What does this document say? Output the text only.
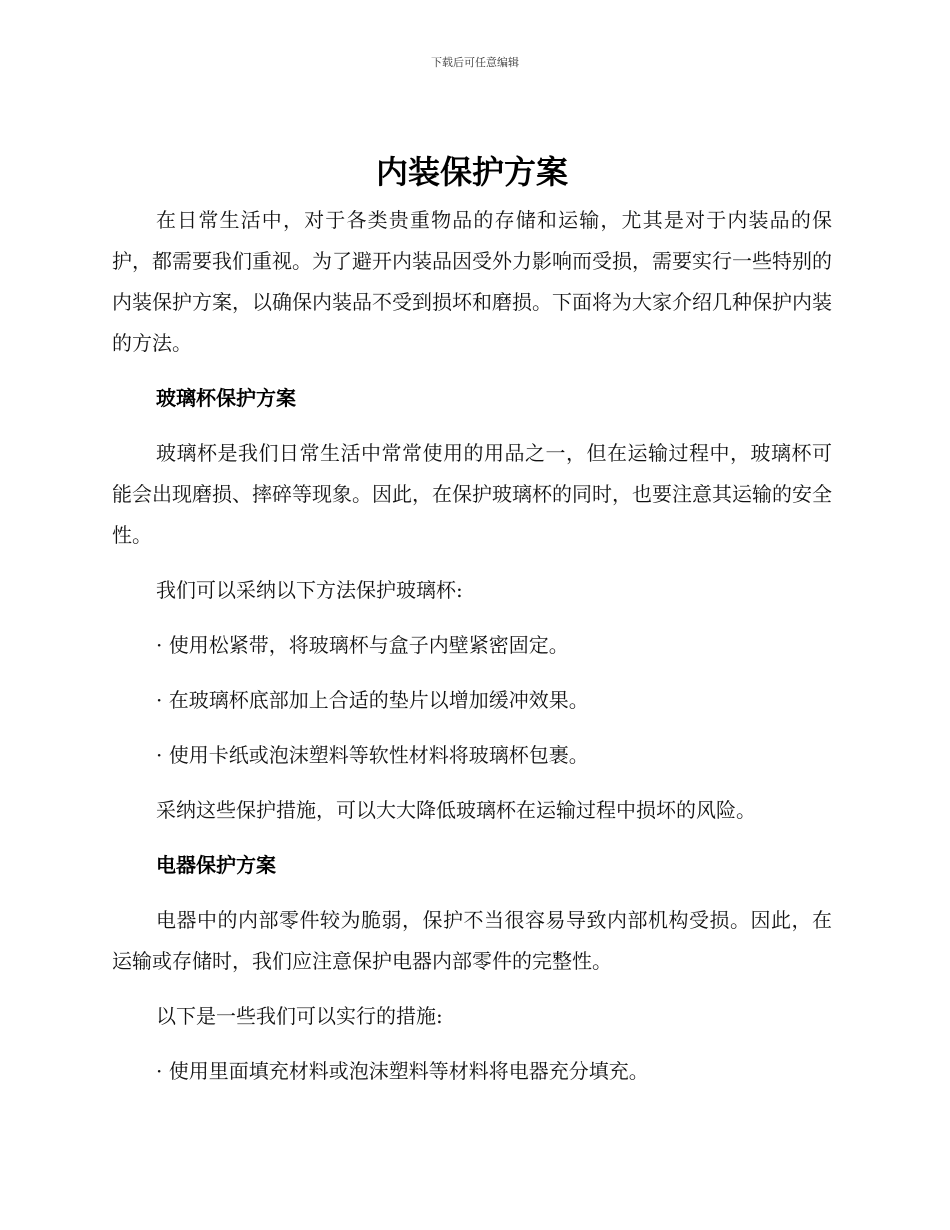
下载后可任意编辑
内装保护方案

在日常生活中，对于各类贵重物品的存储和运输，尤其是对于内装品的保护，都需要我们重视。为了避开内装品因受外力影响而受损，需要实行一些特别的内装保护方案，以确保内装品不受到损坏和磨损。下面将为大家介绍几种保护内装的方法。

玻璃杯保护方案

玻璃杯是我们日常生活中常常使用的用品之一，但在运输过程中，玻璃杯可能会出现磨损、摔碎等现象。因此，在保护玻璃杯的同时，也要注意其运输的安全性。

我们可以采纳以下方法保护玻璃杯:

· 使用松紧带，将玻璃杯与盒子内壁紧密固定。
· 在玻璃杯底部加上合适的垫片以增加缓冲效果。
· 使用卡纸或泡沫塑料等软性材料将玻璃杯包裹。

采纳这些保护措施，可以大大降低玻璃杯在运输过程中损坏的风险。

电器保护方案

电器中的内部零件较为脆弱，保护不当很容易导致内部机构受损。因此，在运输或存储时，我们应注意保护电器内部零件的完整性。

以下是一些我们可以实行的措施:

· 使用里面填充材料或泡沫塑料等材料将电器充分填充。
